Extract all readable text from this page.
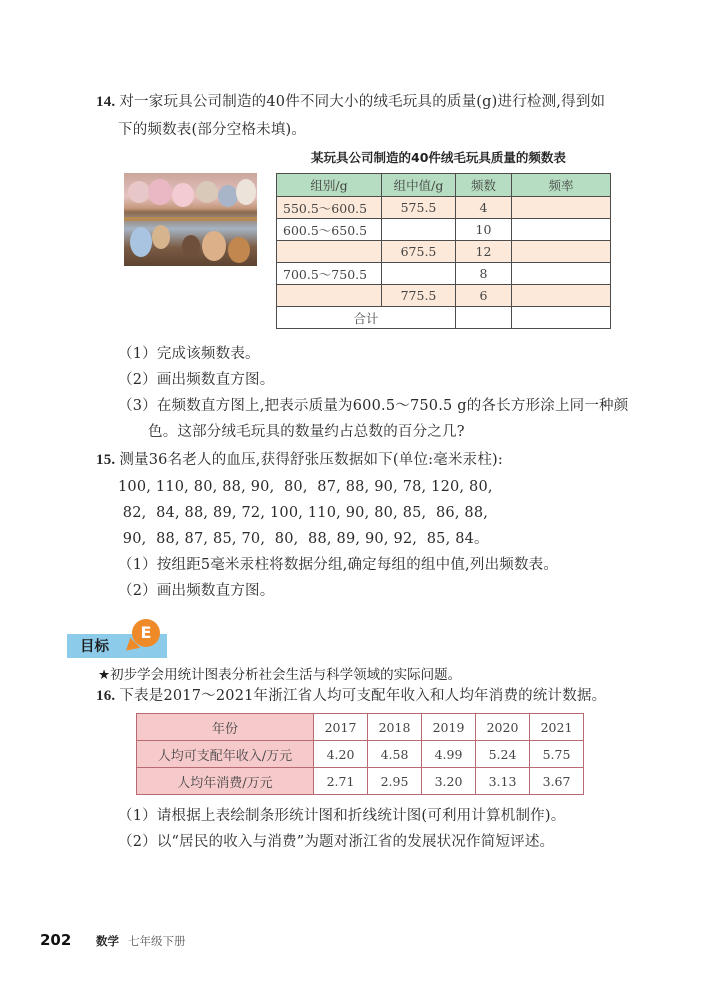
14. 对一家玩具公司制造的40件不同大小的绒毛玩具的质量(g)进行检测,得到如
下的频数表(部分空格未填)。
某玩具公司制造的40件绒毛玩具质量的频数表
组别/g	组中值/g	频数	频率
550.5～600.5	575.5	4	
600.5～650.5		10	
	675.5	12	
700.5～750.5		8	
	775.5	6	
合计			
（1）完成该频数表。
（2）画出频数直方图。
（3）在频数直方图上,把表示质量为600.5～750.5 g的各长方形涂上同一种颜
色。这部分绒毛玩具的数量约占总数的百分之几?
15. 测量36名老人的血压,获得舒张压数据如下(单位:毫米汞柱):
100, 110, 80, 88, 90,  80,  87, 88, 90, 78, 120, 80,
82,  84, 88, 89, 72, 100, 110, 90, 80, 85,  86, 88,
90,  88, 87, 85, 70,  80,  88, 89, 90, 92,  85, 84。
（1）按组距5毫米汞柱将数据分组,确定每组的组中值,列出频数表。
（2）画出频数直方图。
目标
E
★初步学会用统计图表分析社会生活与科学领域的实际问题。
16. 下表是2017～2021年浙江省人均可支配年收入和人均年消费的统计数据。
年份	2017	2018	2019	2020	2021
人均可支配年收入/万元	4.20	4.58	4.99	5.24	5.75
人均年消费/万元	2.71	2.95	3.20	3.13	3.67
（1）请根据上表绘制条形统计图和折线统计图(可利用计算机制作)。
（2）以“居民的收入与消费”为题对浙江省的发展状况作简短评述。
202 数学 七年级下册
